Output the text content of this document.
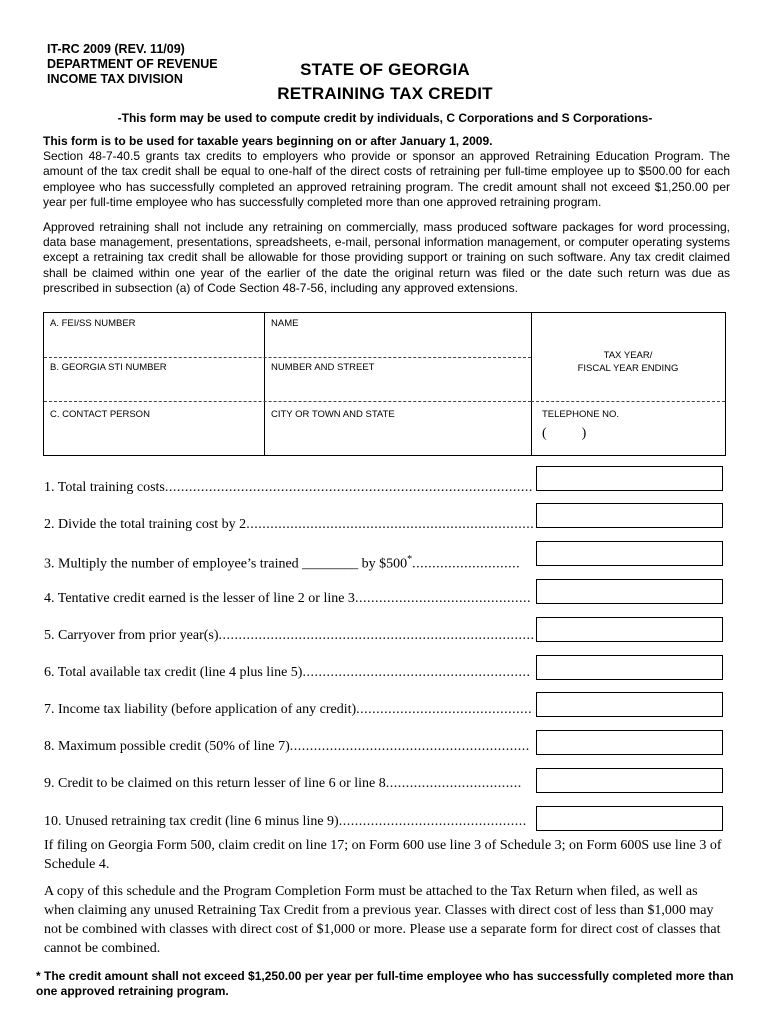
IT-RC 2009 (REV. 11/09)
DEPARTMENT OF REVENUE
INCOME TAX DIVISION	STATE OF GEORGIA
RETRAINING TAX CREDIT
-This form may be used to compute credit by individuals, C Corporations and S Corporations-

This form is to be used for taxable years beginning on or after January 1, 2009.

Section 48-7-40.5 grants tax credits to employers who provide or sponsor an approved Retraining Education Program. The amount of the tax credit shall be equal to one-half of the direct costs of retraining per full-time employee up to $500.00 for each employee who has successfully completed an approved retraining program. The credit amount shall not exceed $1,250.00 per year per full-time employee who has successfully completed more than one approved retraining program.

Approved retraining shall not include any retraining on commercially, mass produced software packages for word processing, data base management, presentations, spreadsheets, e-mail, personal information management, or computer operating systems except a retraining tax credit shall be allowable for those providing support or training on such software. Any tax credit claimed shall be claimed within one year of the earlier of the date the original return was filed or the date such return was due as prescribed in subsection (a) of Code Section 48-7-56, including any approved extensions.

A. FEI/SS NUMBER	NAME
B. GEORGIA STI NUMBER	NUMBER AND STREET
TAX YEAR/
FISCAL YEAR ENDING
C. CONTACT PERSON	CITY OR TOWN AND STATE	TELEPHONE NO.
(          )
1. Total training costs............................................................................................
2. Divide the total training cost by 2........................................................................
3. Multiply the number of employee’s trained ________ by $500*...........................
4. Tentative credit earned is the lesser of line 2 or line 3............................................
5. Carryover from prior year(s)...............................................................................
6. Total available tax credit (line 4 plus line 5).........................................................
7. Income tax liability (before application of any credit)............................................
8. Maximum possible credit (50% of line 7)............................................................
9. Credit to be claimed on this return lesser of line 6 or line 8..................................
10. Unused retraining tax credit (line 6 minus line 9)...............................................
If filing on Georgia Form 500, claim credit on line 17; on Form 600 use line 3 of Schedule 3; on Form 600S use line 3 of Schedule 4.
A copy of this schedule and the Program Completion Form must be attached to the Tax Return when filed, as well as when claiming any unused Retraining Tax Credit from a previous year. Classes with direct cost of less than $1,000 may not be combined with classes with direct cost of $1,000 or more. Please use a separate form for direct cost of classes that cannot be combined.
* The credit amount shall not exceed $1,250.00 per year per full-time employee who has successfully completed more than one approved retraining program.
